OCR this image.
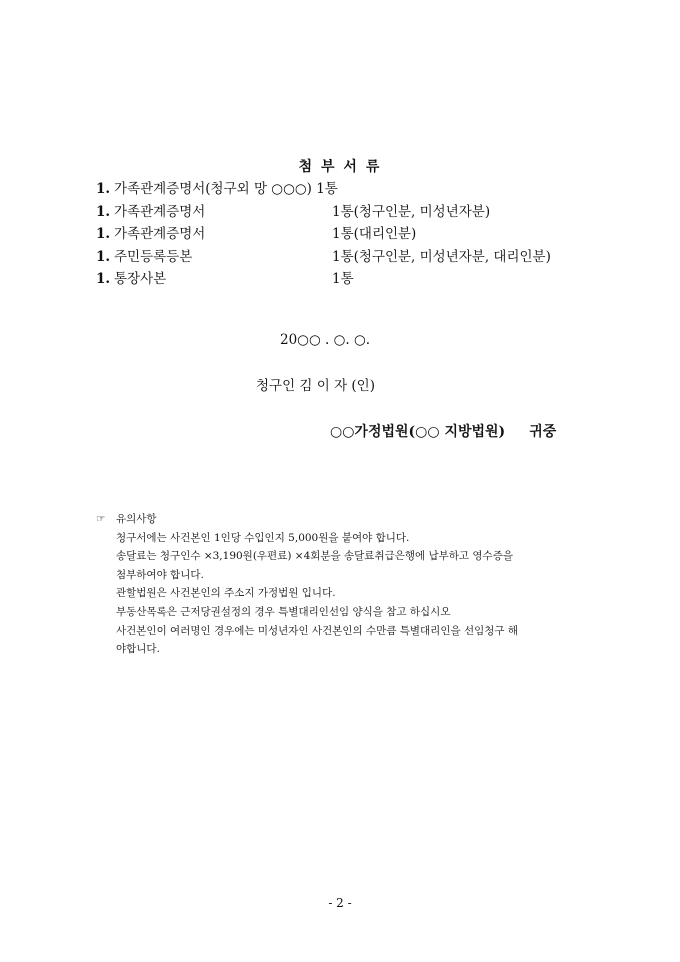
첨 부 서 류
1. 가족관계증명서(청구외 망 ○○○) 1통
1. 가족관계증명서	1통(청구인분, 미성년자분)
1. 가족관계증명서	1통(대리인분)
1. 주민등록등본	1통(청구인분, 미성년자분, 대리인분)
1. 통장사본	1통
20○○ . ○. ○.
청구인 김 이 자 (인)
○○가정법원(○○ 지방법원) 귀중
☞ 유의사항
청구서에는 사건본인 1인당 수입인지 5,000원을 붙여야 합니다.
송달료는 청구인수 ×3,190원(우편료) ×4회분을 송달료취급은행에 납부하고 영수증을
첨부하여야 합니다.
관할법원은 사건본인의 주소지 가정법원 입니다.
부동산목록은 근저당권설정의 경우 특별대리인선임 양식을 참고 하십시오
사건본인이 여러명인 경우에는 미성년자인 사건본인의 수만큼 특별대리인을 선임청구 해
야합니다.
- 2 -
